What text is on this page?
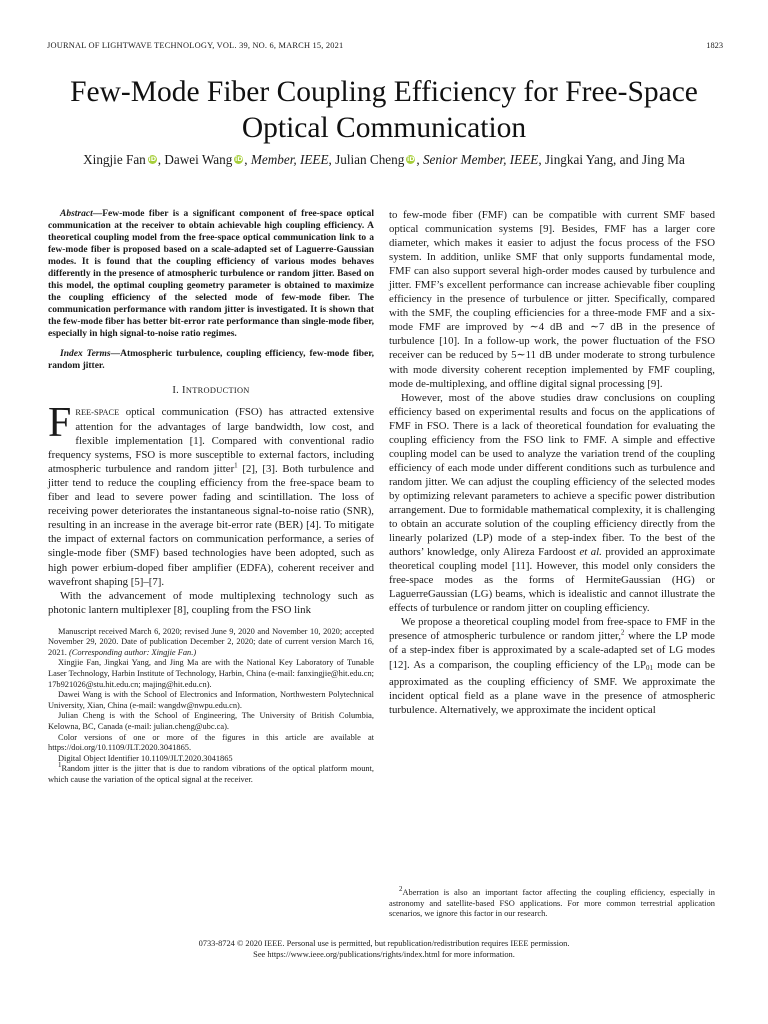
JOURNAL OF LIGHTWAVE TECHNOLOGY, VOL. 39, NO. 6, MARCH 15, 2021	1823
Few-Mode Fiber Coupling Efficiency for Free-Space Optical Communication
Xingjie Fan iD , Dawei Wang iD , Member, IEEE, Julian Cheng iD , Senior Member, IEEE, Jingkai Yang, and Jing Ma

Abstract—Few-mode fiber is a significant component of free-space optical communication at the receiver to obtain achievable high coupling efficiency. A theoretical coupling model from the free-space optical communication link to a few-mode fiber is proposed based on a scale-adapted set of Laguerre-Gaussian modes. It is found that the coupling efficiency of various modes behaves differently in the presence of atmospheric turbulence or random jitter. Based on this model, the optimal coupling geometry parameter is obtained to maximize the coupling efficiency of the selected mode of few-mode fiber. The communication performance with random jitter is investigated. It is shown that the few-mode fiber has better bit-error rate performance than single-mode fiber, especially in high signal-to-noise ratio regimes.

Index Terms—Atmospheric turbulence, coupling efficiency, few-mode fiber, random jitter.

I. INTRODUCTION

FREE-SPACE optical communication (FSO) has attracted extensive attention for the advantages of large bandwidth, low cost, and flexible implementation [1]. Compared with conventional radio frequency systems, FSO is more susceptible to external factors, including atmospheric turbulence and random jitter$^1$ [2], [3]. Both turbulence and jitter tend to reduce the coupling efficiency from the free-space beam to fiber and lead to severe power fading and scintillation. The loss of receiving power deteriorates the instantaneous signal-to-noise ratio (SNR), resulting in an increase in the average bit-error rate (BER) [4]. To mitigate the impact of external factors on communication performance, a series of single-mode fiber (SMF) based technologies have been adopted, such as high power erbium-doped fiber amplifier (EDFA), coherent receiver and wavefront shaping [5]–[7].

With the advancement of mode multiplexing technology such as photonic lantern multiplexer [8], coupling from the FSO link

Manuscript received March 6, 2020; revised June 9, 2020 and November 10, 2020; accepted November 29, 2020. Date of publication December 2, 2020; date of current version March 16, 2021. (Corresponding author: Xingjie Fan.)

Xingjie Fan, Jingkai Yang, and Jing Ma are with the National Key Laboratory of Tunable Laser Technology, Harbin Institute of Technology, Harbin, China (e-mail: fanxingjie@hit.edu.cn; 17b921026@stu.hit.edu.cn; majing@hit.edu.cn).

Dawei Wang is with the School of Electronics and Information, Northwestern Polytechnical University, Xian, China (e-mail: wangdw@nwpu.edu.cn).

Julian Cheng is with the School of Engineering, The University of British Columbia, Kelowna, BC, Canada (e-mail: julian.cheng@ubc.ca).

Color versions of one or more of the figures in this article are available at https://doi.org/10.1109/JLT.2020.3041865.

Digital Object Identifier 10.1109/JLT.2020.3041865

$^1$Random jitter is the jitter that is due to random vibrations of the optical platform mount, which cause the variation of the optical signal at the receiver.

to few-mode fiber (FMF) can be compatible with current SMF based optical communication systems [9]. Besides, FMF has a larger core diameter, which makes it easier to adjust the focus process of the FSO system. In addition, unlike SMF that only supports fundamental mode, FMF can also support several high-order modes caused by turbulence and jitter. FMF’s excellent performance can increase achievable fiber coupling efficiency in the presence of turbulence or jitter. Specifically, compared with the SMF, the coupling efficiencies for a three-mode FMF and a six-mode FMF are improved by ∼4 dB and ∼7 dB in the presence of turbulence [10]. In a follow-up work, the power fluctuation of the FSO receiver can be reduced by 5∼11 dB under moderate to strong turbulence with mode diversity coherent reception implemented by FMF coupling, mode de-multiplexing, and offline digital signal processing [9].

However, most of the above studies draw conclusions on coupling efficiency based on experimental results and focus on the applications of FMF in FSO. There is a lack of theoretical foundation for evaluating the coupling efficiency from the FSO link to FMF. A simple and effective coupling model can be used to analyze the variation trend of the coupling efficiency of each mode under different conditions such as turbulence and random jitter. We can adjust the coupling efficiency of the selected modes by optimizing relevant parameters to achieve a specific power distribution arrangement. Due to formidable mathematical complexity, it is challenging to obtain an accurate solution of the coupling efficiency directly from the linearly polarized (LP) mode of a step-index fiber. To the best of the authors’ knowledge, only Alireza Fardoost et al. provided an approximate theoretical coupling model [11]. However, this model only considers the free-space modes as the forms of HermiteGaussian (HG) or LaguerreGaussian (LG) beams, which is idealistic and cannot illustrate the effects of turbulence or random jitter on coupling efficiency.

We propose a theoretical coupling model from free-space to FMF in the presence of atmospheric turbulence or random jitter,$^2$ where the LP mode of a step-index fiber is approximated by a scale-adapted set of LG modes [12]. As a comparison, the coupling efficiency of the $LP_{01}$ mode can be approximated as the coupling efficiency of SMF. We approximate the incident optical field as a plane wave in the presence of atmospheric turbulence. Alternatively, we approximate the incident optical

$^2$Aberration is also an important factor affecting the coupling efficiency, especially in astronomy and satellite-based FSO applications. For more common terrestrial application scenarios, we ignore this factor in our research.

0733-8724 © 2020 IEEE. Personal use is permitted, but republication/redistribution requires IEEE permission.
See https://www.ieee.org/publications/rights/index.html for more information.
